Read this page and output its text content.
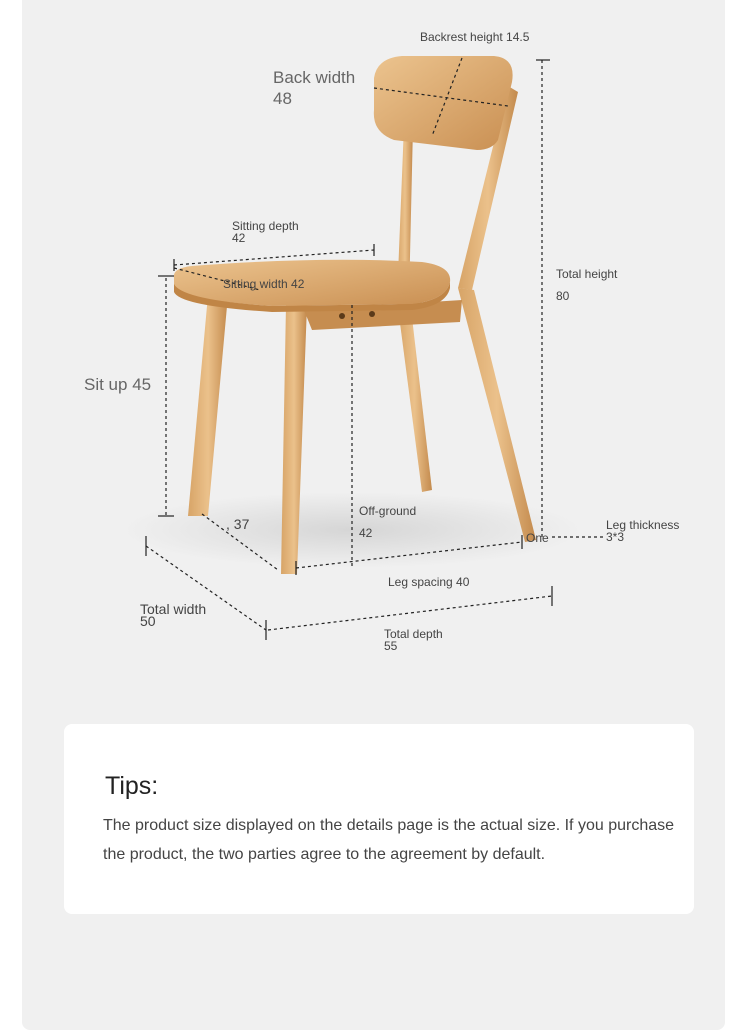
Backrest height 14.5
Back width
48
Sitting depth
42
Sitting width 42
Total height
80
Sit up 45
, 37
Off-ground
42
Leg thickness
3*3
One
Leg spacing 40
Total width
50
Total depth
55
Tips:
The product size displayed on the details page is the actual size. If you purchase the product, the two parties agree to the agreement by default.
